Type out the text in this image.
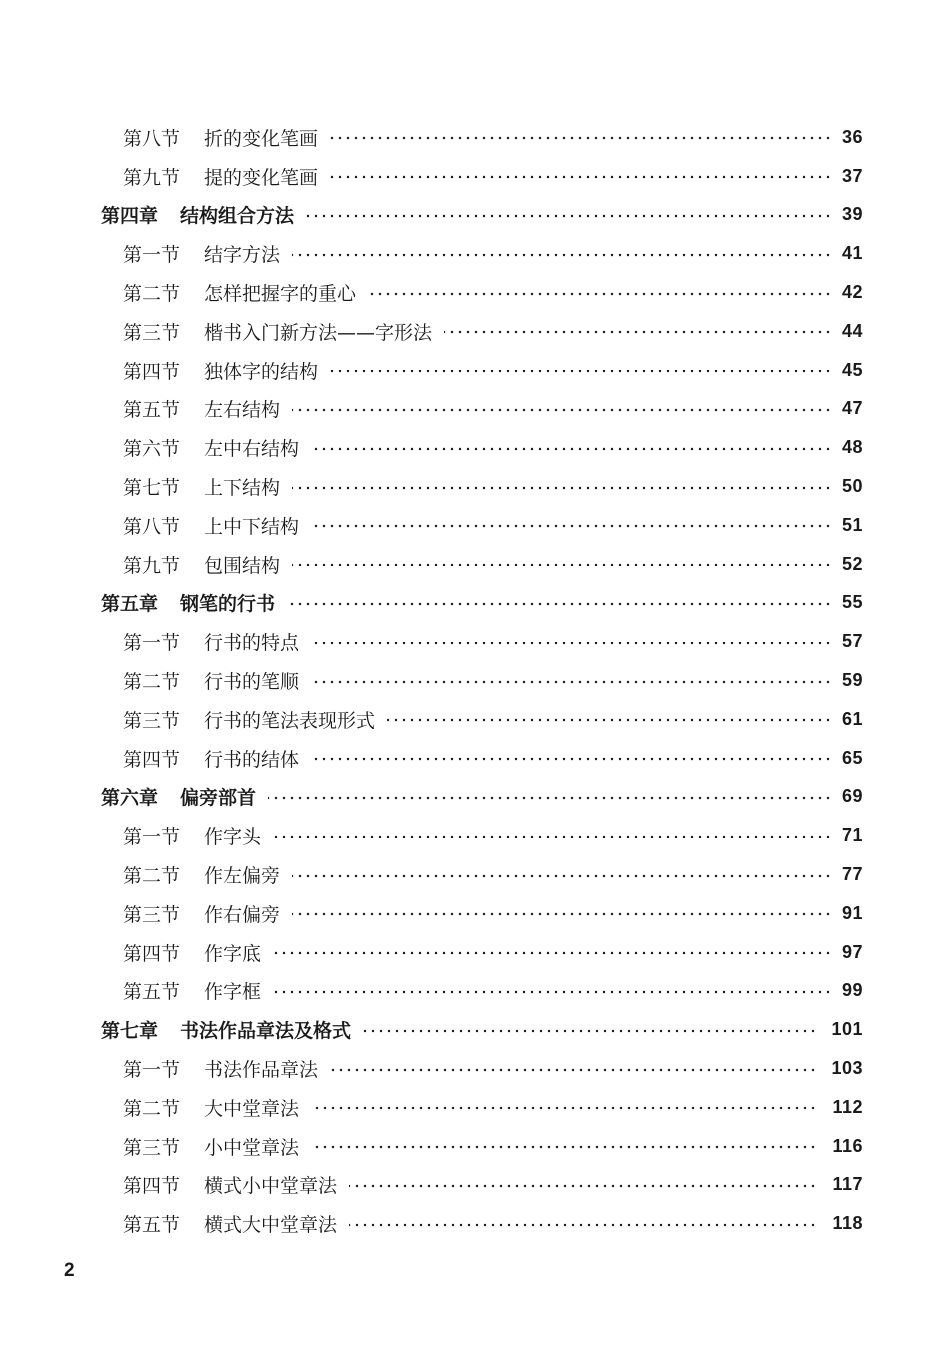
第八节 折的变化笔画	36
第九节 提的变化笔画	37
第四章 结构组合方法	39
第一节 结字方法	41
第二节 怎样把握字的重心	42
第三节 楷书入门新方法——字形法	44
第四节 独体字的结构	45
第五节 左右结构	47
第六节 左中右结构	48
第七节 上下结构	50
第八节 上中下结构	51
第九节 包围结构	52
第五章 钢笔的行书	55
第一节 行书的特点	57
第二节 行书的笔顺	59
第三节 行书的笔法表现形式	61
第四节 行书的结体	65
第六章 偏旁部首	69
第一节 作字头	71
第二节 作左偏旁	77
第三节 作右偏旁	91
第四节 作字底	97
第五节 作字框	99
第七章 书法作品章法及格式	101
第一节 书法作品章法	103
第二节 大中堂章法	112
第三节 小中堂章法	116
第四节 横式小中堂章法	117
第五节 横式大中堂章法	118
2
